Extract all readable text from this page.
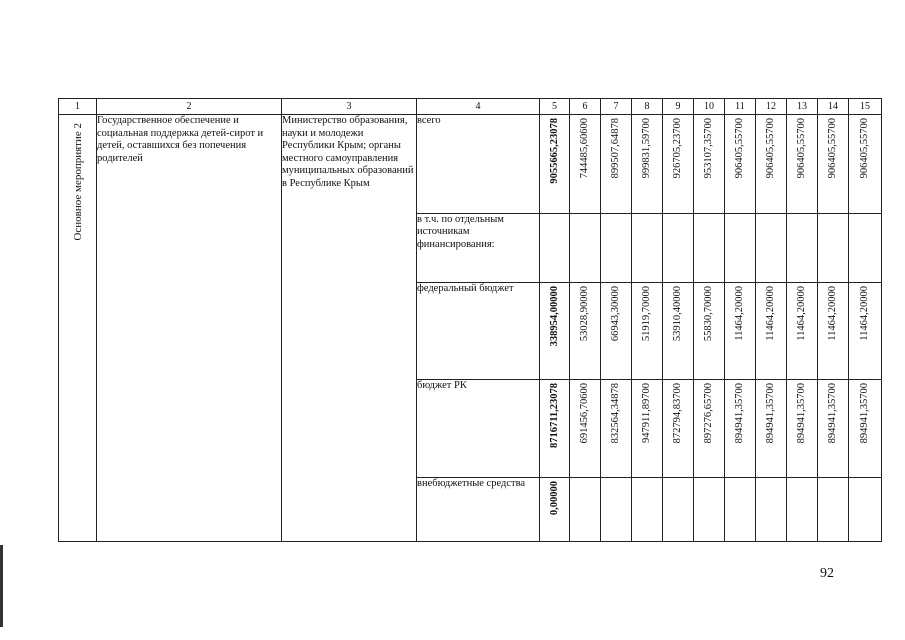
1	2	3	4	5	6	7	8	9	10	11	12	13	14	15

Основное мероприятие 2	Государственное обеспечение и социальная поддержка детей-сирот и детей, оставшихся без попечения родителей	Министерство образования, науки и молодежи Республики Крым; органы местного самоуправления муниципальных образований в Республике Крым	всего	9055665,23078	744485,60600	899507,64878	999831,59700	926705,23700	953107,35700	906405,55700	906405,55700	906405,55700	906405,55700	906405,55700

			в т.ч. по отдельным источникам финансирования:	

			федеральный бюджет	338954,00000	53028,90000	66943,30000	51919,70000	53910,40000	55830,70000	11464,20000	11464,20000	11464,20000	11464,20000	11464,20000

			бюджет РК	8716711,23078	691456,70600	832564,34878	947911,89700	872794,83700	897276,65700	894941,35700	894941,35700	894941,35700	894941,35700	894941,35700

			внебюджетные средства	0,00000										

92
